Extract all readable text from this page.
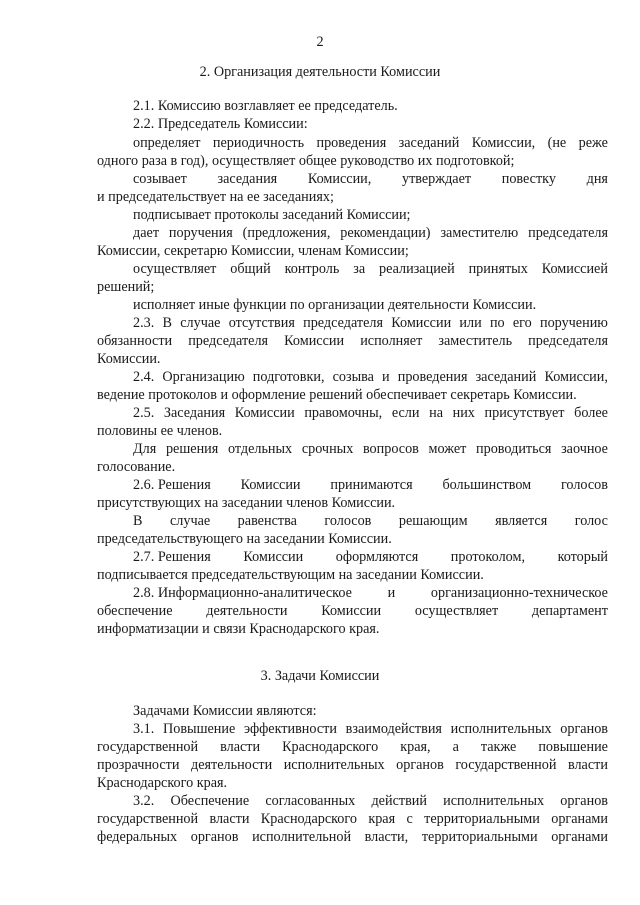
2
2. Организация деятельности Комиссии
2.1. Комиссию возглавляет ее председатель.
2.2. Председатель Комиссии:
определяет периодичность проведения заседаний Комиссии, (не реже
одного раза в год), осуществляет общее руководство их подготовкой;
созывает заседания Комиссии, утверждает повестку дня
и председательствует на ее заседаниях;
подписывает протоколы заседаний Комиссии;
дает поручения (предложения, рекомендации) заместителю председателя
Комиссии, секретарю Комиссии, членам Комиссии;
осуществляет общий контроль за реализацией принятых Комиссией
решений;
исполняет иные функции по организации деятельности Комиссии.
2.3. В случае отсутствия председателя Комиссии или по его поручению
обязанности председателя Комиссии исполняет заместитель председателя
Комиссии.
2.4. Организацию подготовки, созыва и проведения заседаний Комиссии,
ведение протоколов и оформление решений обеспечивает секретарь Комиссии.
2.5. Заседания Комиссии правомочны, если на них присутствует более
половины ее членов.
Для решения отдельных срочных вопросов может проводиться заочное
голосование.
2.6. Решения Комиссии принимаются большинством голосов
присутствующих на заседании членов Комиссии.
В случае равенства голосов решающим является голос
председательствующего на заседании Комиссии.
2.7. Решения Комиссии оформляются протоколом, который
подписывается председательствующим на заседании Комиссии.
2.8. Информационно-аналитическое	и	организационно-техническое
обеспечение деятельности Комиссии осуществляет департамент
информатизации и связи Краснодарского края.
3. Задачи Комиссии
Задачами Комиссии являются:
3.1. Повышение эффективности взаимодействия исполнительных органов
государственной власти Краснодарского края, а также повышение
прозрачности деятельности исполнительных органов государственной власти
Краснодарского края.
3.2. Обеспечение согласованных действий исполнительных органов
государственной власти Краснодарского края с территориальными органами
федеральных органов исполнительной власти, территориальными органами
